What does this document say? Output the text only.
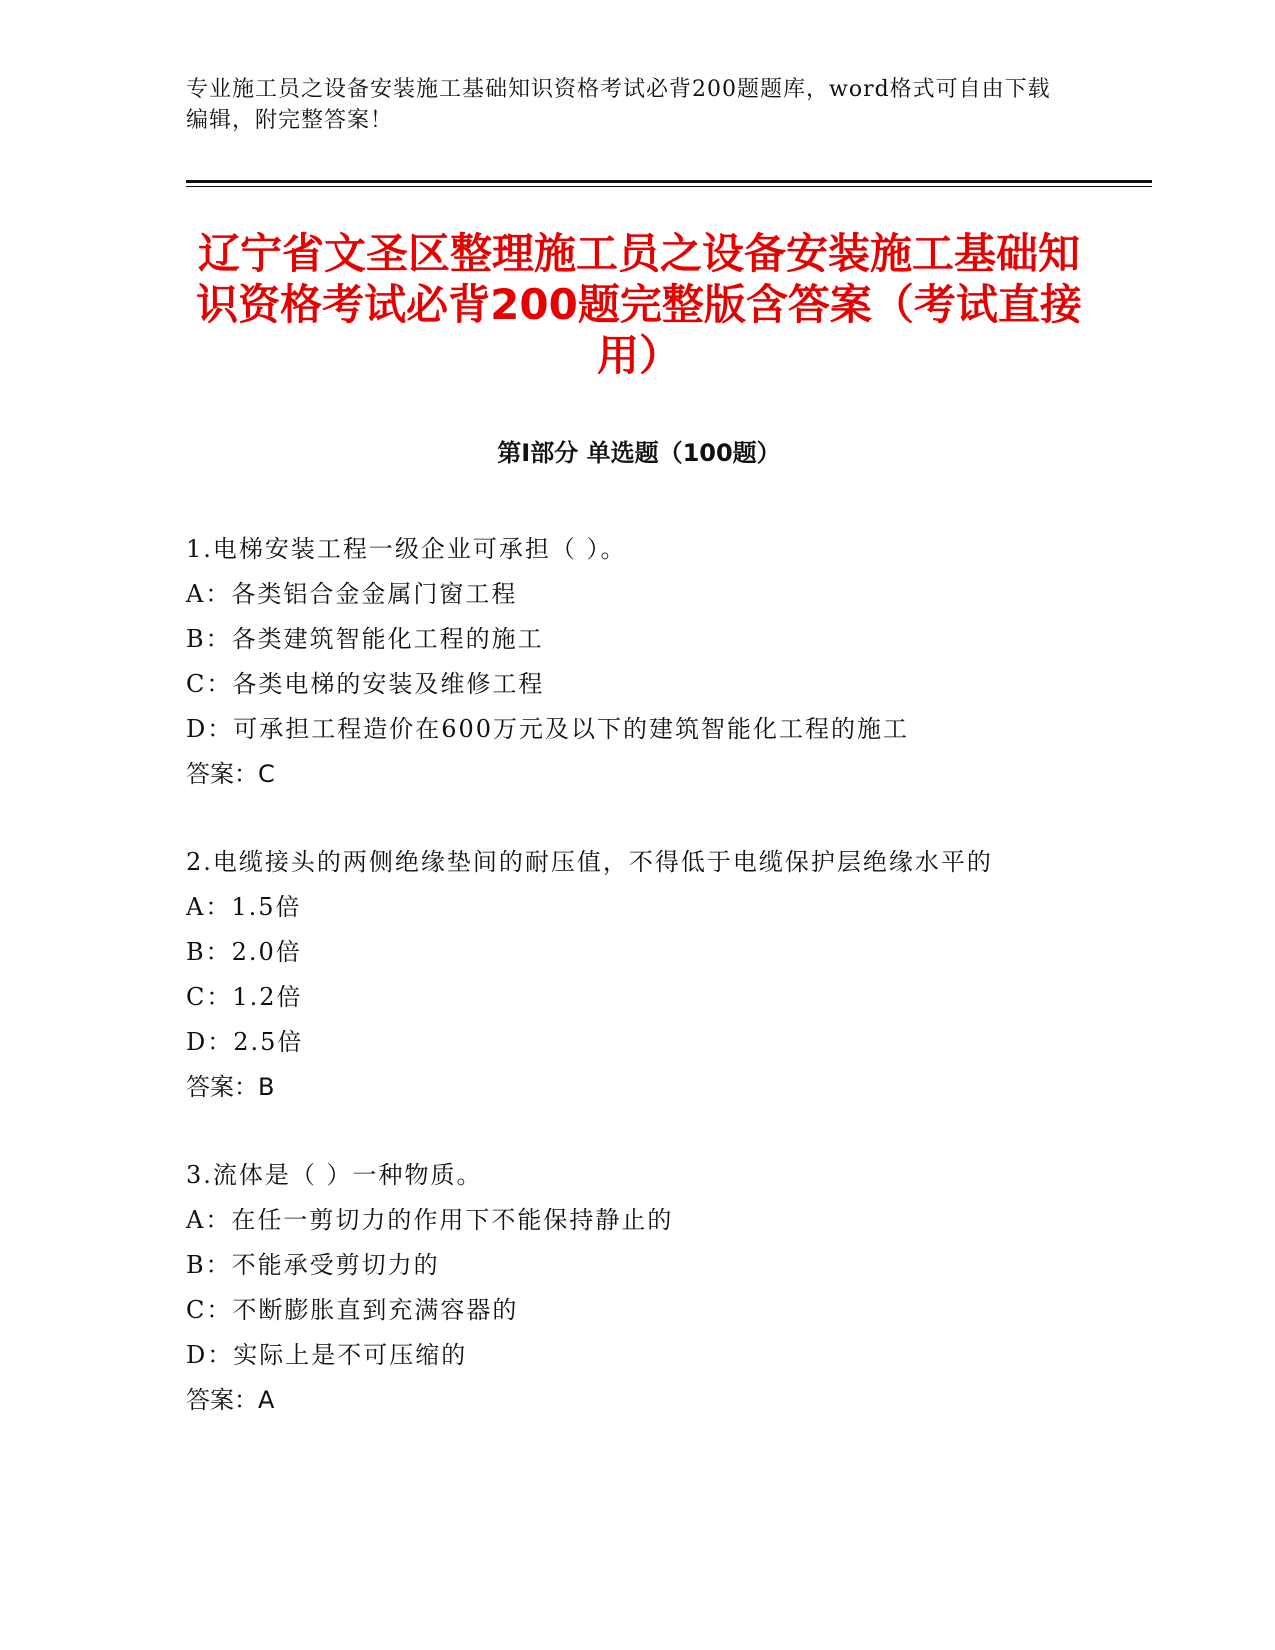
专业施工员之设备安装施工基础知识资格考试必背200题题库，word格式可自由下载编辑，附完整答案！
辽宁省文圣区整理施工员之设备安装施工基础知识资格考试必背200题完整版含答案（考试直接用）
第Ⅰ部分 单选题（100题）
1.电梯安装工程一级企业可承担（ ）。
A：各类铝合金金属门窗工程
B：各类建筑智能化工程的施工
C：各类电梯的安装及维修工程
D：可承担工程造价在600万元及以下的建筑智能化工程的施工
答案：C
2.电缆接头的两侧绝缘垫间的耐压值，不得低于电缆保护层绝缘水平的
A：1.5倍
B：2.0倍
C：1.2倍
D：2.5倍
答案：B
3.流体是（ ）一种物质。
A：在任一剪切力的作用下不能保持静止的
B：不能承受剪切力的
C：不断膨胀直到充满容器的
D：实际上是不可压缩的
答案：A
